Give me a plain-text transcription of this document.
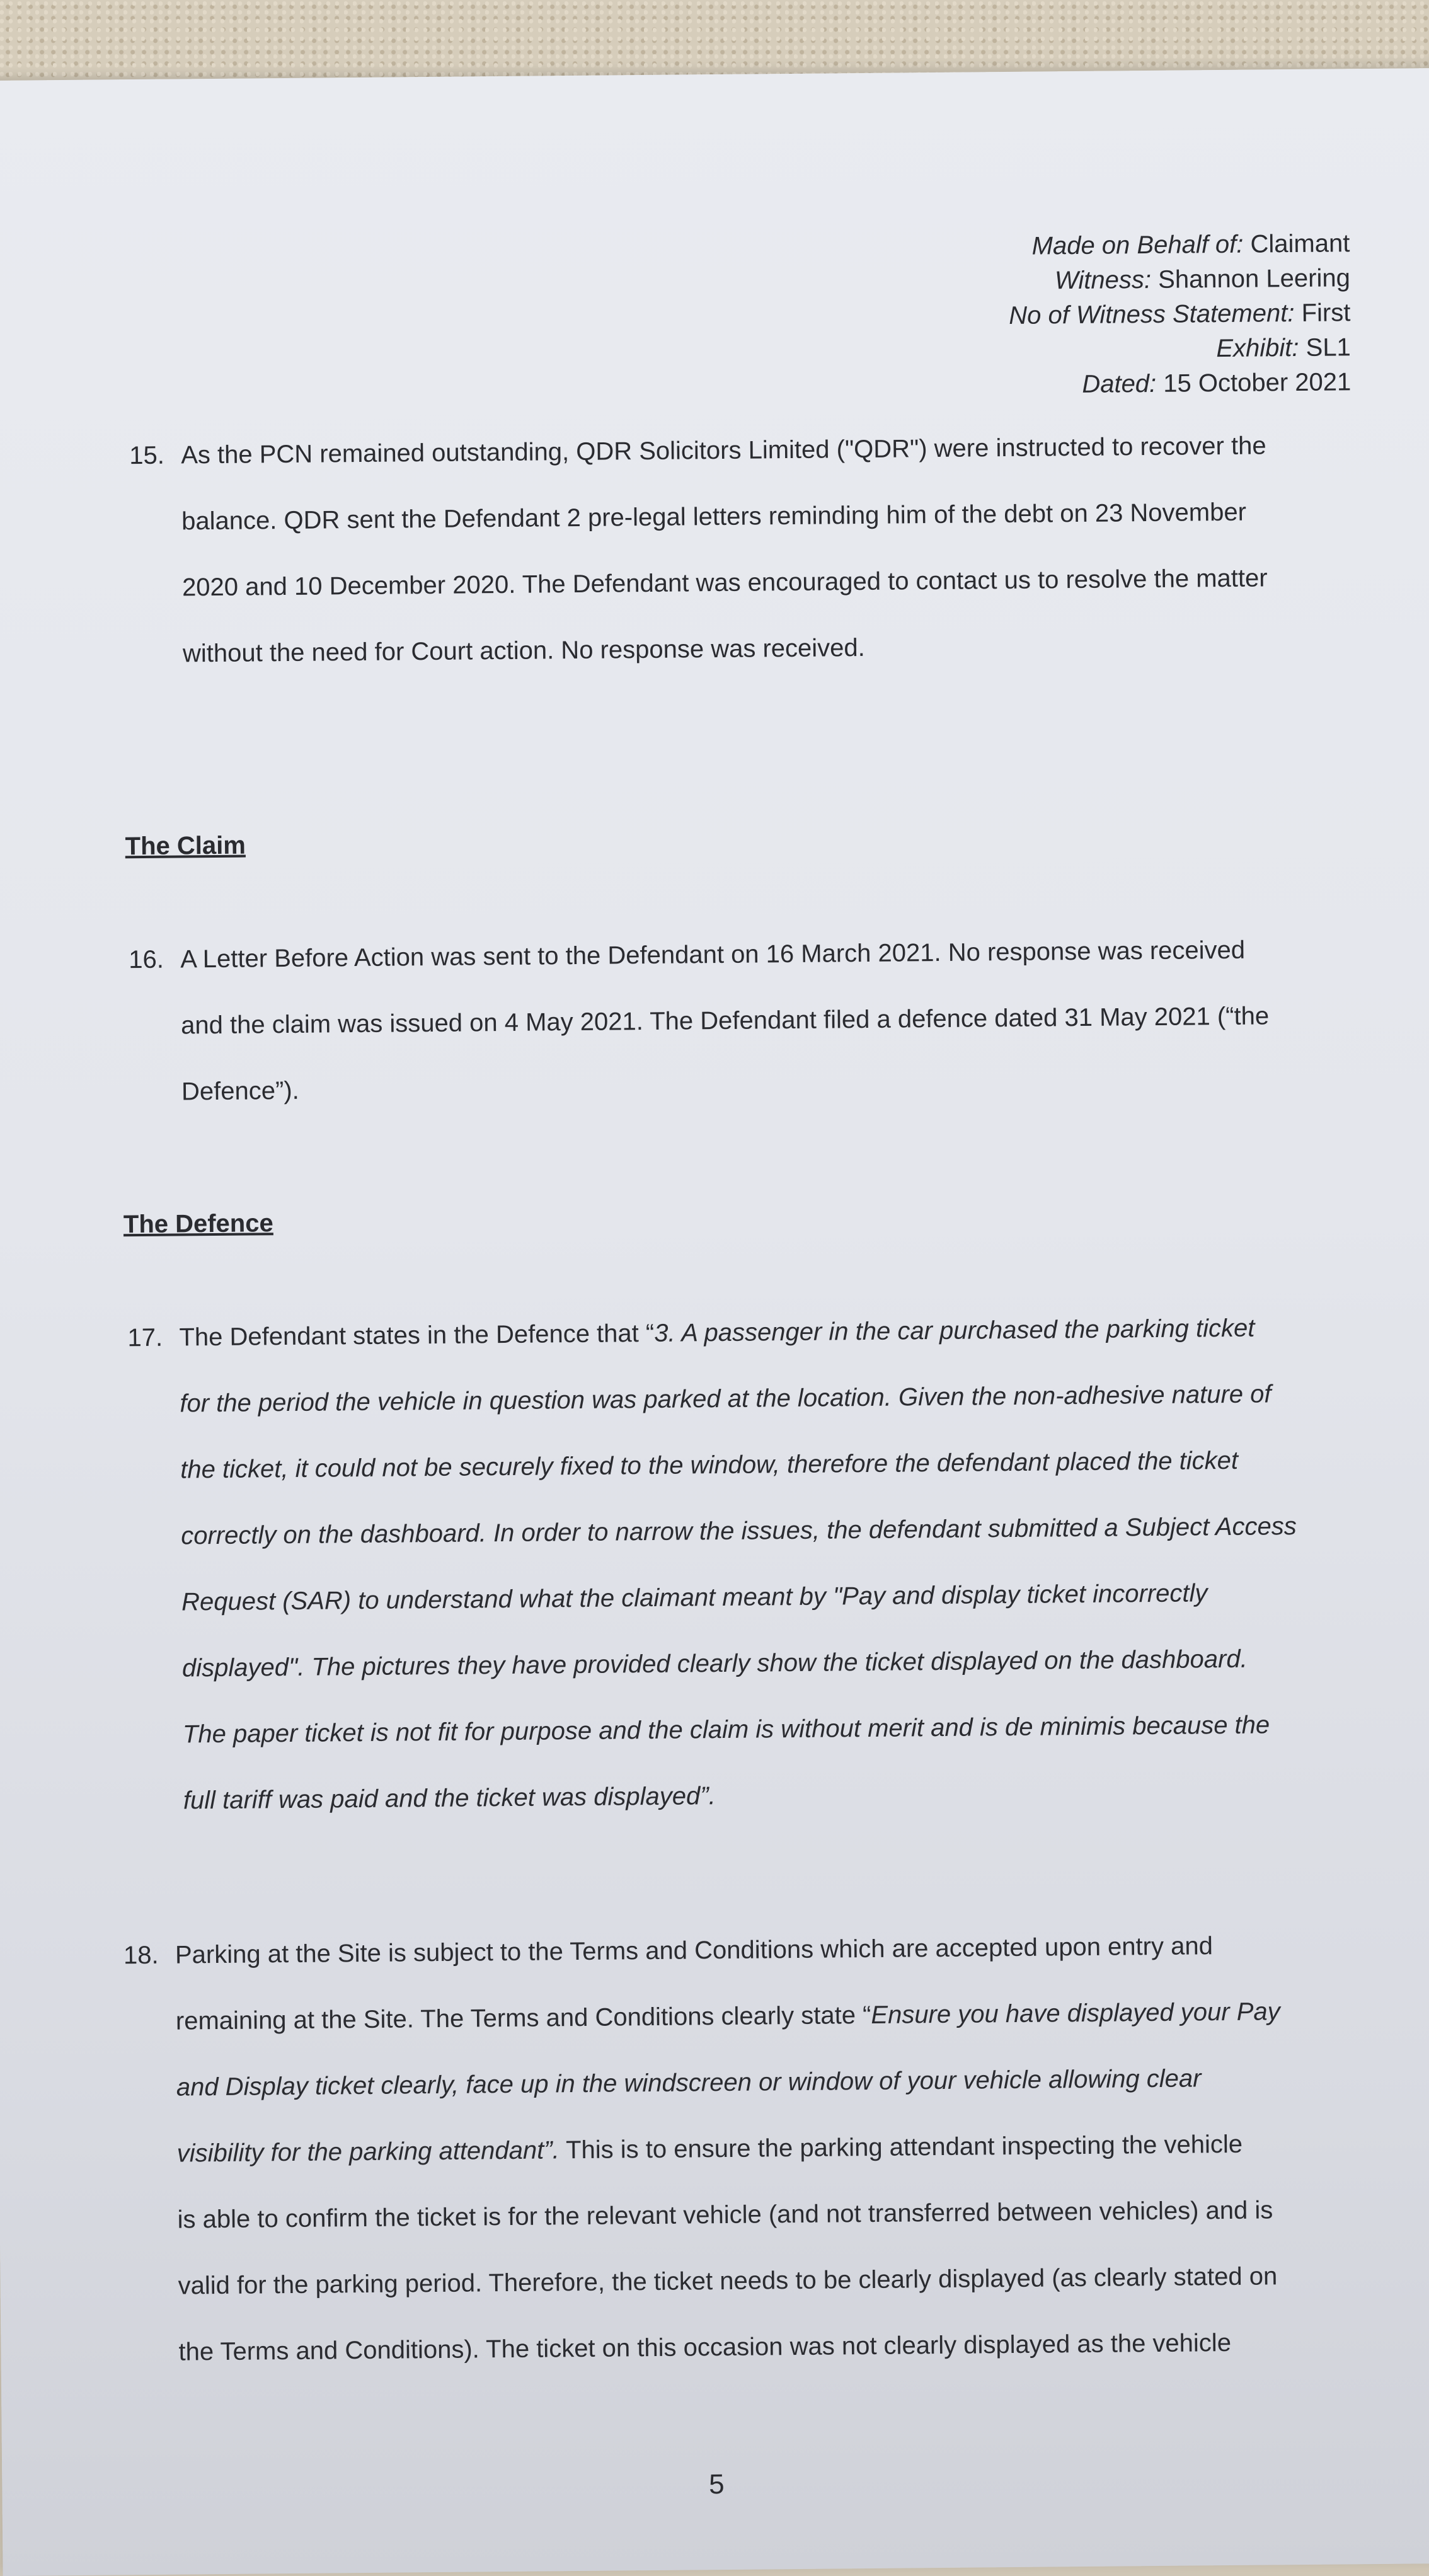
Made on Behalf of: Claimant
Witness: Shannon Leering
No of Witness Statement: First
Exhibit: SL1
Dated: 15 October 2021
15. As the PCN remained outstanding, QDR Solicitors Limited ("QDR") were instructed to recover the
balance. QDR sent the Defendant 2 pre-legal letters reminding him of the debt on 23 November
2020 and 10 December 2020. The Defendant was encouraged to contact us to resolve the matter
without the need for Court action. No response was received.
The Claim
16. A Letter Before Action was sent to the Defendant on 16 March 2021. No response was received
and the claim was issued on 4 May 2021. The Defendant filed a defence dated 31 May 2021 (“the
Defence”).
The Defence
17. The Defendant states in the Defence that “3. A passenger in the car purchased the parking ticket
for the period the vehicle in question was parked at the location. Given the non-adhesive nature of
the ticket, it could not be securely fixed to the window, therefore the defendant placed the ticket
correctly on the dashboard. In order to narrow the issues, the defendant submitted a Subject Access
Request (SAR) to understand what the claimant meant by "Pay and display ticket incorrectly
displayed". The pictures they have provided clearly show the ticket displayed on the dashboard.
The paper ticket is not fit for purpose and the claim is without merit and is de minimis because the
full tariff was paid and the ticket was displayed”.
18. Parking at the Site is subject to the Terms and Conditions which are accepted upon entry and
remaining at the Site. The Terms and Conditions clearly state “Ensure you have displayed your Pay
and Display ticket clearly, face up in the windscreen or window of your vehicle allowing clear
visibility for the parking attendant”. This is to ensure the parking attendant inspecting the vehicle
is able to confirm the ticket is for the relevant vehicle (and not transferred between vehicles) and is
valid for the parking period. Therefore, the ticket needs to be clearly displayed (as clearly stated on
the Terms and Conditions). The ticket on this occasion was not clearly displayed as the vehicle
5
